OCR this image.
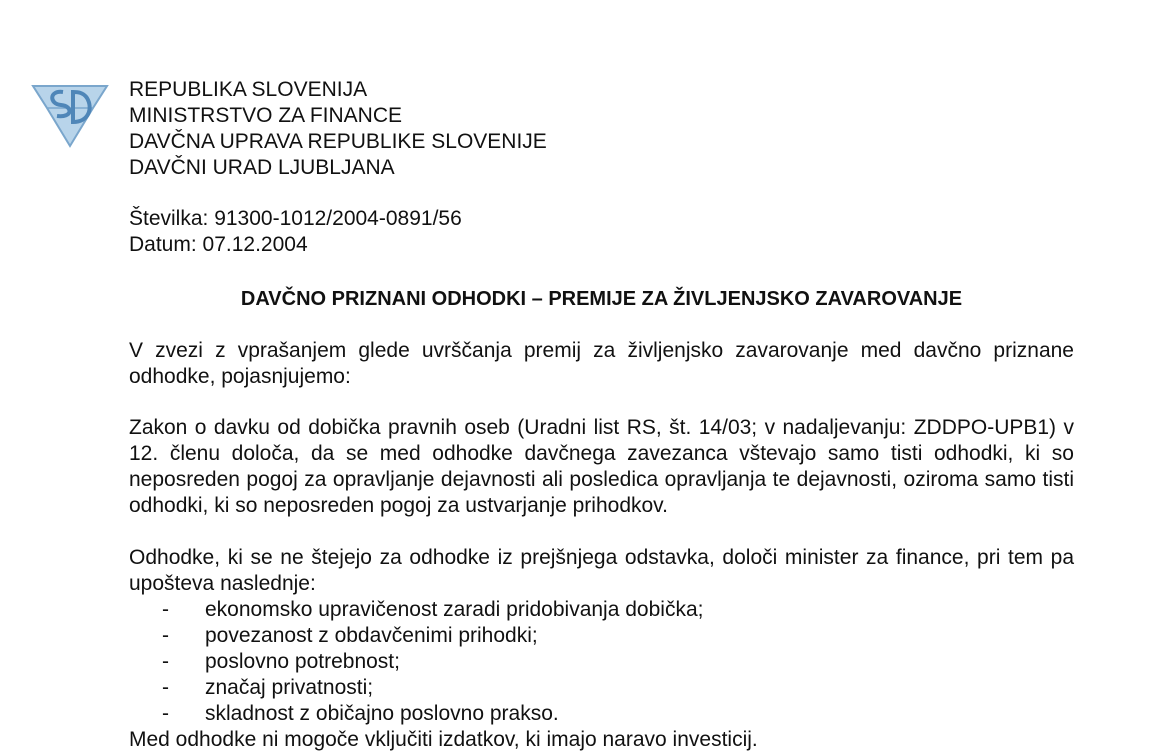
REPUBLIKA SLOVENIJA
MINISTRSTVO ZA FINANCE
DAVČNA UPRAVA REPUBLIKE SLOVENIJE
DAVČNI URAD LJUBLJANA
Številka: 91300-1012/2004-0891/56
Datum: 07.12.2004
DAVČNO PRIZNANI ODHODKI – PREMIJE ZA ŽIVLJENJSKO ZAVAROVANJE

V zvezi z vprašanjem glede uvrščanja premij za življenjsko zavarovanje med davčno priznane odhodke, pojasnjujemo:

Zakon o davku od dobička pravnih oseb (Uradni list RS, št. 14/03; v nadaljevanju: ZDDPO-UPB1) v 12. členu določa, da se med odhodke davčnega zavezanca vštevajo samo tisti odhodki, ki so neposreden pogoj za opravljanje dejavnosti ali posledica opravljanja te dejavnosti, oziroma samo tisti odhodki, ki so neposreden pogoj za ustvarjanje prihodkov.

Odhodke, ki se ne štejejo za odhodke iz prejšnjega odstavka, določi minister za finance, pri tem pa upošteva naslednje:

- ekonomsko upravičenost zaradi pridobivanja dobička;
- povezanost z obdavčenimi prihodki;
- poslovno potrebnost;
- značaj privatnosti;
- skladnost z običajno poslovno prakso.

Med odhodke ni mogoče vključiti izdatkov, ki imajo naravo investicij.
